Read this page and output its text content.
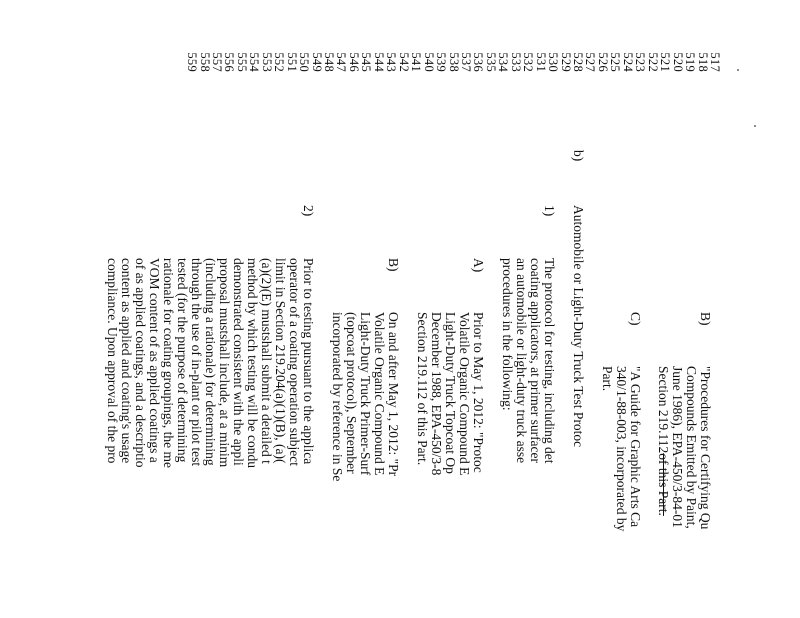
517
518
519
520
521
522
523
524
525
526
527
528
529
530
531
532
533
534
535
536
537
538
539
540
541
542
543
544
545
546
547
548
549
550
551
552
553
554
555
556
557
558
559
B)
"Procedures for Certifying Qu
Compounds Emitted by Paint,
June 1986), EPA-450/3-84-01
Section 219.112of this Part.
C)
"A Guide for Graphic Arts Ca
340/1-88-003, incorporated by
Part.
b)
Automobile or Light-Duty Truck Test Protoc
1)
The protocol for testing, including det
coating applicators, at primer surfacer
an automobile or light-duty truck asse
procedures in the following:
A)
Prior to May 1, 2012: "Protoc
Volatile Organic Compound E
Light-Duty Truck Topcoat Op
December 1988, EPA-450/3-8
Section 219.112 of this Part.
B)
On and after May 1, 2012: "Pr
Volatile Organic Compound E
Light-Duty Truck Primer-Surf
(topcoat protocol), September
incorporated by reference in Se
2)
Prior to testing pursuant to the applica
operator of a coating operation subject
limit in Section 219.204(a)(1)(B), (a)(
(a)(2)(E) mustshall submit a detailed t
method by which testing will be condu
demonstrated consistent with the appli
proposal mustshall include, at a minim
(including a rationale) for determining
through the use of in-plant or pilot test
tested (for the purpose of determining
rationale for coating groupings, the me
VOM content of as applied coatings a
of as applied coatings, and a descriptio
content as applied and coating's usage
compliance. Upon approval of the pro
